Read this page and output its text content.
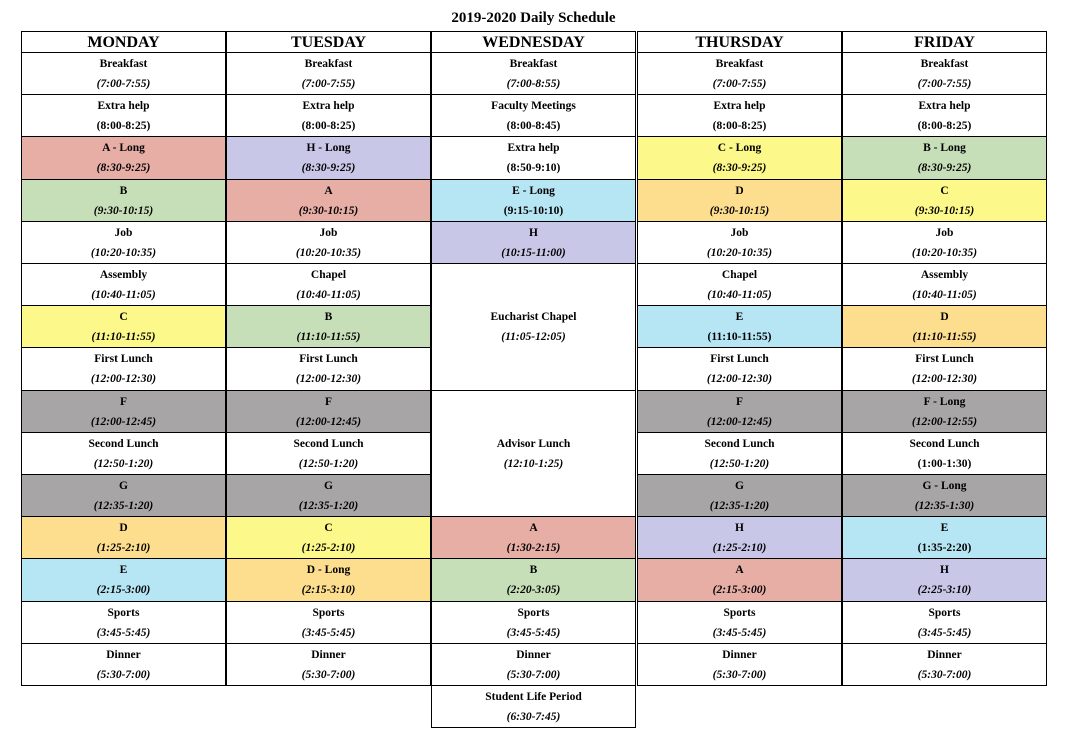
2019-2020 Daily Schedule
MONDAY
Breakfast
(7:00-7:55)
Extra help
(8:00-8:25)
A - Long
(8:30-9:25)
B
(9:30-10:15)
Job
(10:20-10:35)
Assembly
(10:40-11:05)
C
(11:10-11:55)
First Lunch
(12:00-12:30)
F
(12:00-12:45)
Second Lunch
(12:50-1:20)
G
(12:35-1:20)
D
(1:25-2:10)
E
(2:15-3:00)
Sports
(3:45-5:45)
Dinner
(5:30-7:00)
TUESDAY
Breakfast
(7:00-7:55)
Extra help
(8:00-8:25)
H - Long
(8:30-9:25)
A
(9:30-10:15)
Job
(10:20-10:35)
Chapel
(10:40-11:05)
B
(11:10-11:55)
First Lunch
(12:00-12:30)
F
(12:00-12:45)
Second Lunch
(12:50-1:20)
G
(12:35-1:20)
C
(1:25-2:10)
D - Long
(2:15-3:10)
Sports
(3:45-5:45)
Dinner
(5:30-7:00)
WEDNESDAY
Breakfast
(7:00-8:55)
Faculty Meetings
(8:00-8:45)
Extra help
(8:50-9:10)
E - Long
(9:15-10:10)
H
(10:15-11:00)
Eucharist Chapel
(11:05-12:05)
Advisor Lunch
(12:10-1:25)
A
(1:30-2:15)
B
(2:20-3:05)
Sports
(3:45-5:45)
Dinner
(5:30-7:00)
Student Life Period
(6:30-7:45)
THURSDAY
Breakfast
(7:00-7:55)
Extra help
(8:00-8:25)
C - Long
(8:30-9:25)
D
(9:30-10:15)
Job
(10:20-10:35)
Chapel
(10:40-11:05)
E
(11:10-11:55)
First Lunch
(12:00-12:30)
F
(12:00-12:45)
Second Lunch
(12:50-1:20)
G
(12:35-1:20)
H
(1:25-2:10)
A
(2:15-3:00)
Sports
(3:45-5:45)
Dinner
(5:30-7:00)
FRIDAY
Breakfast
(7:00-7:55)
Extra help
(8:00-8:25)
B - Long
(8:30-9:25)
C
(9:30-10:15)
Job
(10:20-10:35)
Assembly
(10:40-11:05)
D
(11:10-11:55)
First Lunch
(12:00-12:30)
F - Long
(12:00-12:55)
Second Lunch
(1:00-1:30)
G - Long
(12:35-1:30)
E
(1:35-2:20)
H
(2:25-3:10)
Sports
(3:45-5:45)
Dinner
(5:30-7:00)
